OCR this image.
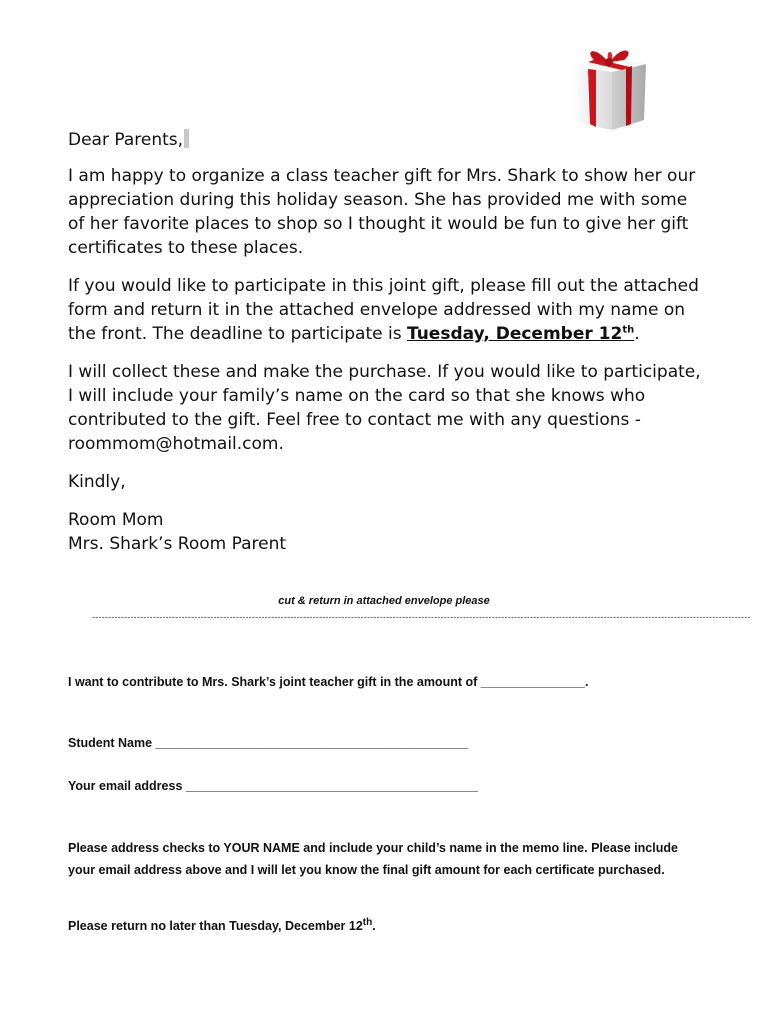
Dear Parents,

I am happy to organize a class teacher gift for Mrs. Shark to show her our appreciation during this holiday season. She has provided me with some of her favorite places to shop so I thought it would be fun to give her gift certificates to these places.

If you would like to participate in this joint gift, please fill out the attached form and return it in the attached envelope addressed with my name on the front. The deadline to participate is Tuesday, December 12th.

I will collect these and make the purchase. If you would like to participate, I will include your family’s name on the card so that she knows who contributed to the gift. Feel free to contact me with any questions - roommom@hotmail.com.

Kindly,

Room Mom

Mrs. Shark’s Room Parent

cut & return in attached envelope please
--------------------------------------------------------------------------------------------------------------------------------------------------------------------------------------------------------------
I want to contribute to Mrs. Shark’s joint teacher gift in the amount of _______________.
Student Name _____________________________________________
Your email address __________________________________________
Please address checks to YOUR NAME and include your child’s name in the memo line. Please include your email address above and I will let you know the final gift amount for each certificate purchased.
Please return no later than Tuesday, December 12th.
